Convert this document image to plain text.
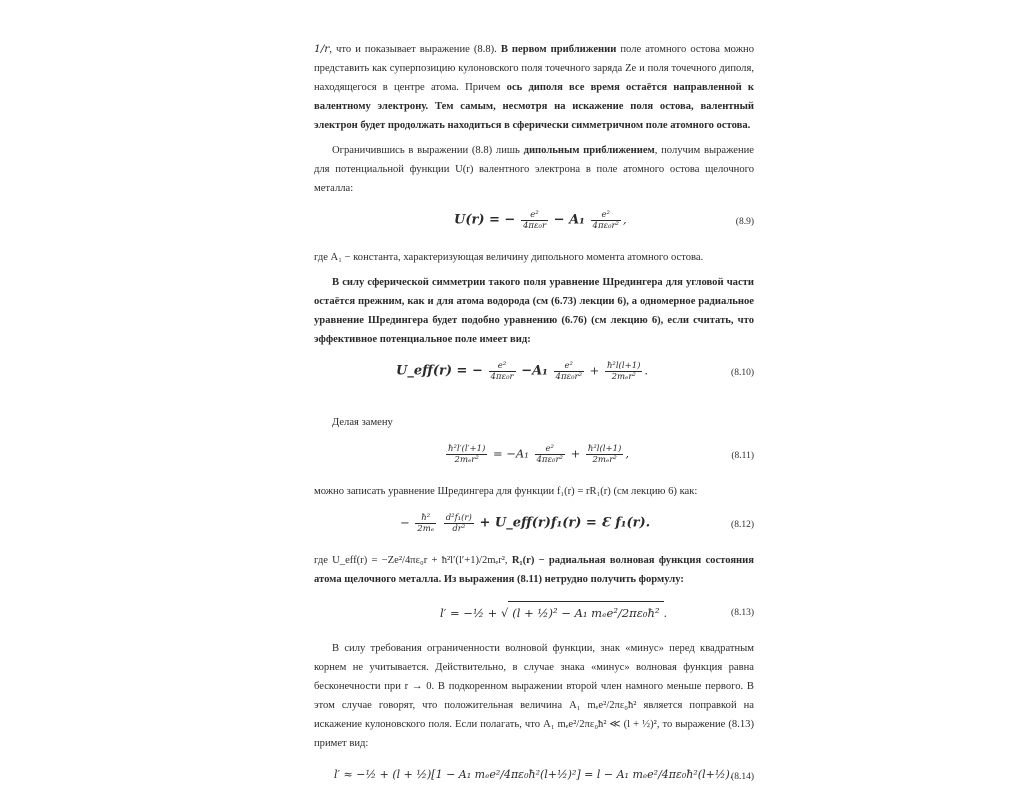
1/r, что и показывает выражение (8.8). В первом приближении поле атомного остова можно представить как суперпозицию кулоновского поля точечного заряда Ze и поля точечного диполя, находящегося в центре атома. Причем ось диполя все время остаётся направленной к валентному электрону. Тем самым, несмотря на искажение поля остова, валентный электрон будет продолжать находиться в сферически симметричном поле атомного остова.

Ограничившись в выражении (8.8) лишь дипольным приближением, получим выражение для потенциальной функции U(r) валентного электрона в поле атомного остова щелочного металла:

U(r) = − $\frac{\text{e²}}{\text{4πε₀r}} - A_1 \frac{\text{e²}}{\text{4πε₀r²}}$ ,	(8.9)

где A₁ − константа, характеризующая величину дипольного момента атомного остова.

В силу сферической симметрии такого поля уравнение Шредингера для угловой части остаётся прежним, как и для атома водорода (см (6.73) лекции 6), а одномерное радиальное уравнение Шредингера будет подобно уравнению (6.76) (см лекцию 6), если считать, что эффективное потенциальное поле имеет вид:

U_eff(r) = − $\frac{\text{e²}}{\text{4πε₀r}} -A_1 \frac{\text{e²}}{\text{4πε₀r²}} + \frac{\text{ħ²l(l+1)}}{\text{2mₑr²}}$ .	(8.10)

Делая замену

$\frac{\text{ħ²l′(l′+1)}}{\text{2mₑr²}} = -A_1 \frac{\text{e²}}{\text{4πε₀r²}} + \frac{\text{ħ²l(l+1)}}{\text{2mₑr²}}$ ,	(8.11)

можно записать уравнение Шредингера для функции f₁(r) = rR₁(r) (см лекцию 6) как:

− $\frac{\text{ħ²}}{\text{2mₑ}}$
$\frac{\text{d²f₁(r)}}{\text{dr²}}$ + U_eff(r)f₁(r) = Ɛ f₁(r).	(8.12)

где U_eff(r) = −Ze²/4πε₀r + ħ²l′(l′+1)/2mₑr², R₁(r) − радиальная волновая функция состояния атома щелочного металла. Из выражения (8.11) нетрудно получить формулу:

l′ = −½ + √ (l + ½)² − A₁ mₑe²/2πε₀ħ² .	(8.13)

В силу требования ограниченности волновой функции, знак «минус» перед квадратным корнем не учитывается. Действительно, в случае знака «минус» волновая функция равна бесконечности при r → 0. В подкоренном выражении второй член намного меньше первого. В этом случае говорят, что положительная величина A₁ mₑe²/2πε₀ħ² является поправкой на искажение кулоновского поля. Если полагать, что A₁ mₑe²/2πε₀ħ² ≪ (l + ½)², то выражение (8.13) примет вид:

l′ ≈ −½ + (l + ½)[1 − A₁ mₑe²/4πε₀ħ²(l+½)²] = l − A₁ mₑe²/4πε₀ħ²(l+½).
(8.14)
